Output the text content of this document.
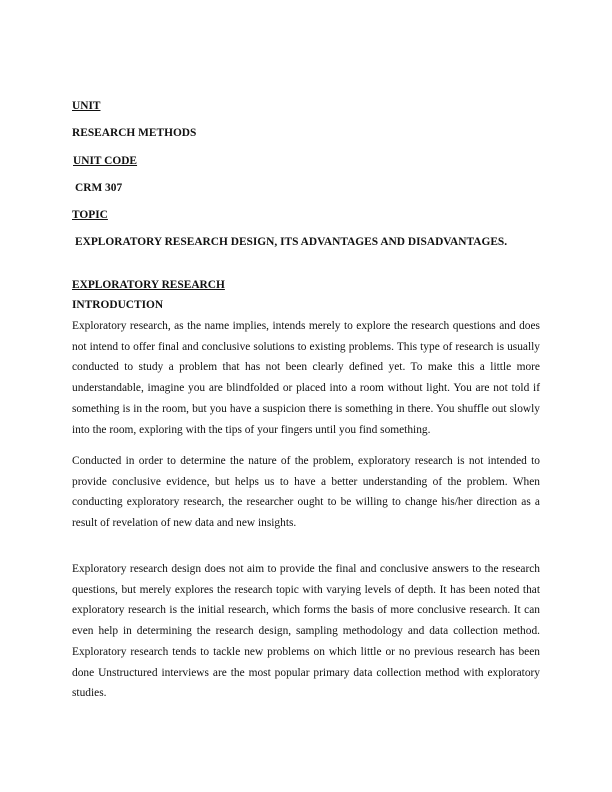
UNIT
RESEARCH METHODS
UNIT CODE
CRM 307
TOPIC
EXPLORATORY RESEARCH DESIGN, ITS ADVANTAGES AND DISADVANTAGES.
EXPLORATORY RESEARCH
INTRODUCTION
Exploratory research, as the name implies, intends merely to explore the research questions and does not intend to offer final and conclusive solutions to existing problems. This type of research is usually conducted to study a problem that has not been clearly defined yet. To make this a little more understandable, imagine you are blindfolded or placed into a room without light. You are not told if something is in the room, but you have a suspicion there is something in there. You shuffle out slowly into the room, exploring with the tips of your fingers until you find something.
Conducted in order to determine the nature of the problem, exploratory research is not intended to provide conclusive evidence, but helps us to have a better understanding of the problem. When conducting exploratory research, the researcher ought to be willing to change his/her direction as a result of revelation of new data and new insights.
Exploratory research design does not aim to provide the final and conclusive answers to the research questions, but merely explores the research topic with varying levels of depth. It has been noted that exploratory research is the initial research, which forms the basis of more conclusive research. It can even help in determining the research design, sampling methodology and data collection method. Exploratory research tends to tackle new problems on which little or no previous research has been done Unstructured interviews are the most popular primary data collection method with exploratory studies.
